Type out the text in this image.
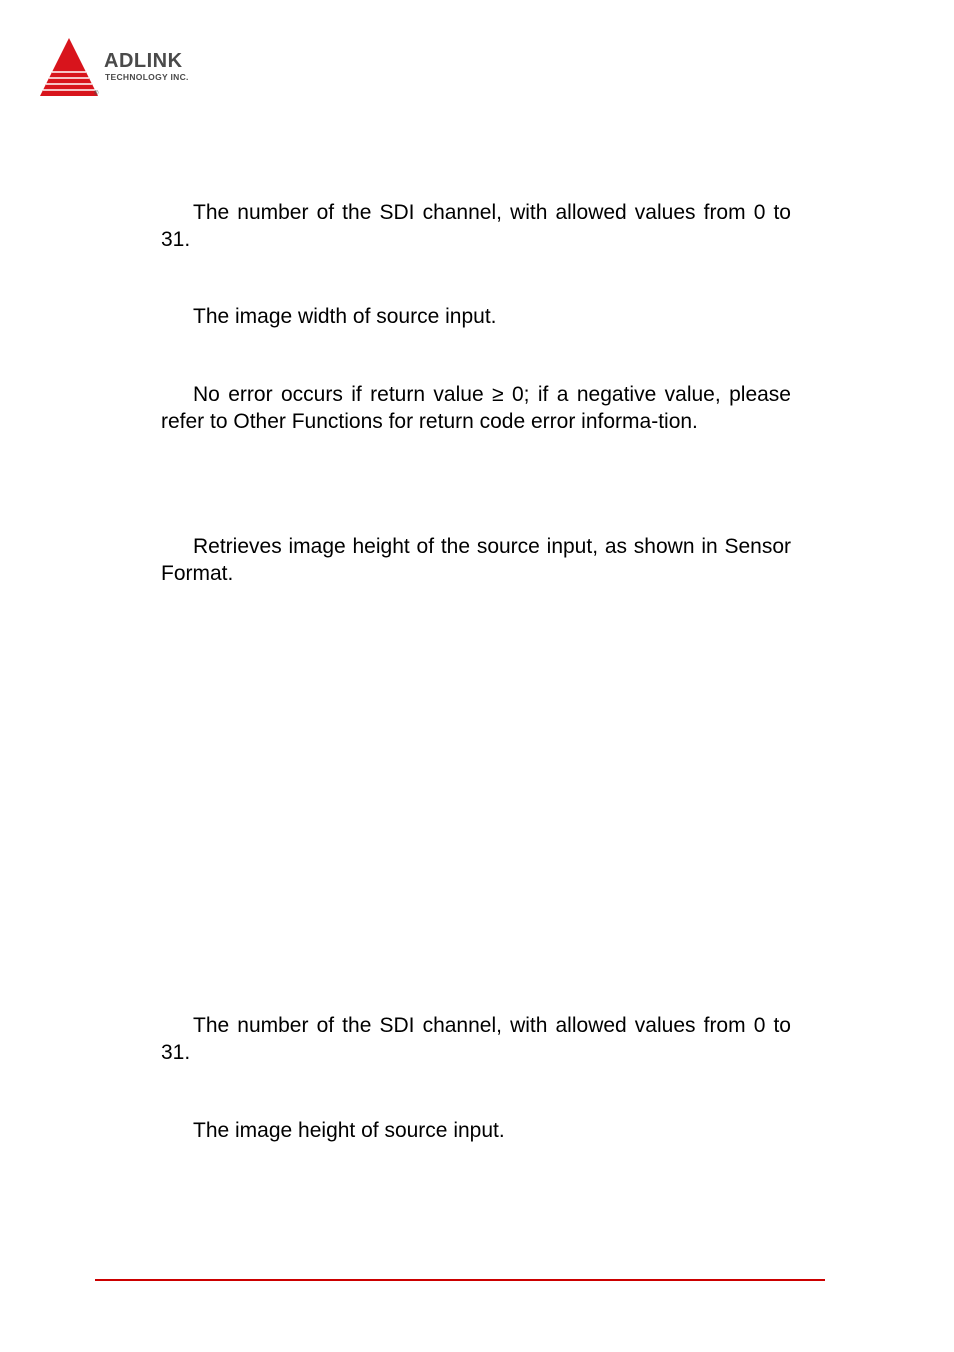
®
ADLINK
TECHNOLOGY INC.

The number of the SDI channel, with allowed values from 0 to 31.

The image width of source input.

No error occurs if return value ≥ 0; if a negative value, please refer to Other Functions for return code error informa-tion.

Retrieves image height of the source input, as shown in Sensor Format.

The number of the SDI channel, with allowed values from 0 to 31.

The image height of source input.
